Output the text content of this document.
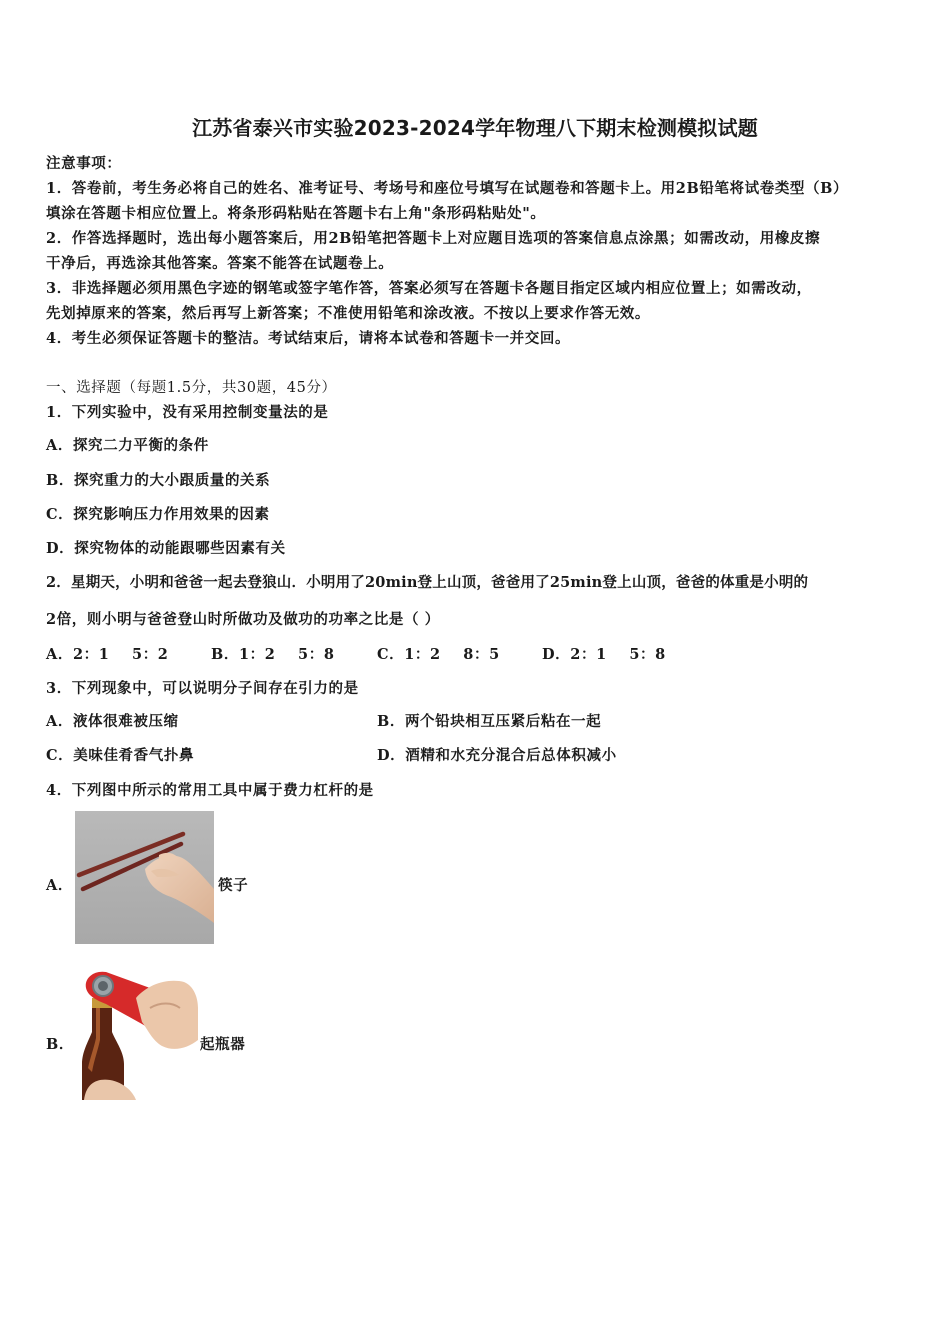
江苏省泰兴市实验2023-2024学年物理八下期末检测模拟试题
注意事项：
1．答卷前，考生务必将自己的姓名、准考证号、考场号和座位号填写在试题卷和答题卡上。用2B铅笔将试卷类型（B）
填涂在答题卡相应位置上。将条形码粘贴在答题卡右上角"条形码粘贴处"。
2．作答选择题时，选出每小题答案后，用2B铅笔把答题卡上对应题目选项的答案信息点涂黑；如需改动，用橡皮擦
干净后，再选涂其他答案。答案不能答在试题卷上。
3．非选择题必须用黑色字迹的钢笔或签字笔作答，答案必须写在答题卡各题目指定区域内相应位置上；如需改动，
先划掉原来的答案，然后再写上新答案；不准使用铅笔和涂改液。不按以上要求作答无效。
4．考生必须保证答题卡的整洁。考试结束后，请将本试卷和答题卡一并交回。
一、选择题（每题1.5分，共30题，45分）
1．下列实验中，没有采用控制变量法的是
A．探究二力平衡的条件
B．探究重力的大小跟质量的关系
C．探究影响压力作用效果的因素
D．探究物体的动能跟哪些因素有关
2．星期天，小明和爸爸一起去登狼山．小明用了20min登上山顶，爸爸用了25min登上山顶，爸爸的体重是小明的
2倍，则小明与爸爸登山时所做功及做功的功率之比是（ ）
A．2：1    5：2	B．1：2    5：8	C．1：2    8：5	D．2：1    5：8
3．下列现象中，可以说明分子间存在引力的是
A．液体很难被压缩	B．两个铅块相互压紧后粘在一起
C．美味佳肴香气扑鼻	D．酒精和水充分混合后总体积减小
4．下列图中所示的常用工具中属于费力杠杆的是
A．	筷子
B．	起瓶器
